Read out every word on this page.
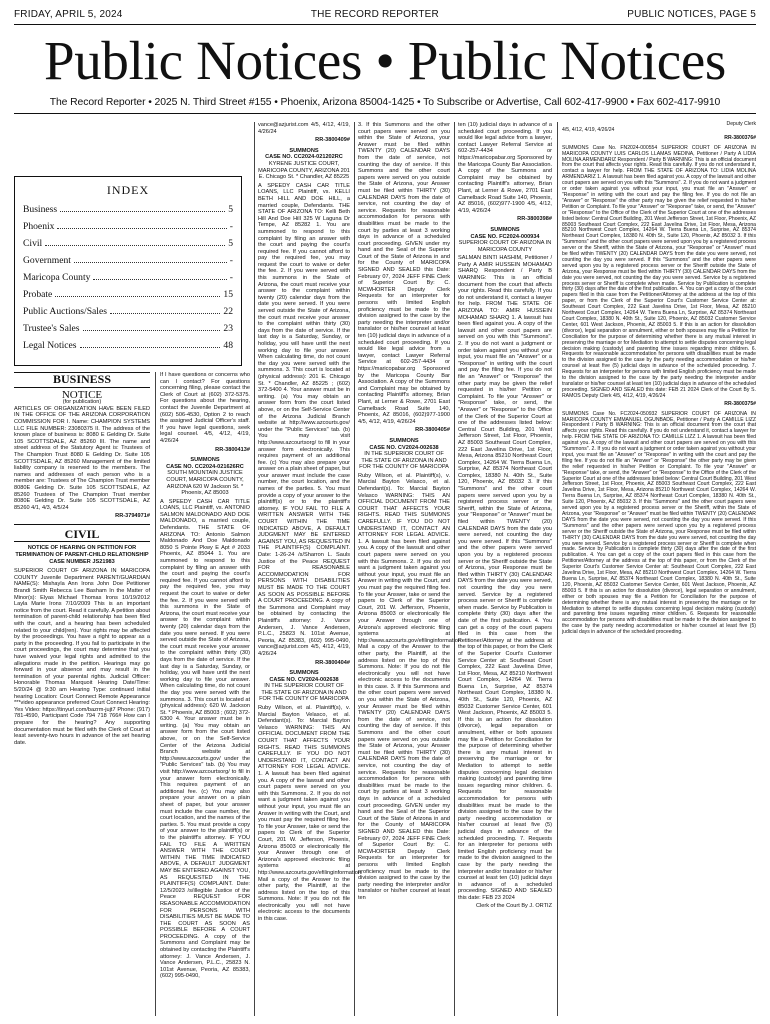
FRIDAY, APRIL 5, 2024	THE RECORD REPORTER	PUBLIC NOTICES, PAGE 5
Public Notices • Public Notices
The Record Reporter • 2025 N. Third Street #155 • Phoenix, Arizona 85004-1425 • To Subscribe or Advertise, Call 602-417-9900 • Fax 602-417-9910
INDEX
Business	5
Phoenix	-
Civil	5
Government	-
Maricopa County	-
Probate	15
Public Auctions/Sales	22
Trustee's Sales	23
Legal Notices	48
BUSINESS
NOTICE
(for publication)

ARTICLES OF ORGANIZATION HAVE BEEN FILED IN THE OFFICE OF THE ARIZONA CORPORATION COMMISSION FOR I. Name: CHAMPION SYSTEMS LLC FILE NUMBER: 23080375 II. The address of the known place of business is: 8080 E Gelding Dr. Suite 105 SCOTTSDALE, AZ 85260 III. The name and street address of the Statutory Agent is: Trustees of The Champion Trust 8080 E Gelding Dr. Suite 105 SCOTTSDALE, AZ 85260 Management of the limited liability company is reserved to the members. The names and addresses of each person who is a member are: Trustees of The Champion Trust member 8080E Gelding Dr. Suite 105 SCOTTSDALE, AZ 85260 Trustees of The Champion Trust member 8080E Gelding Dr. Suite 105 SCOTTSDALE, AZ 85260 4/1, 4/3, 4/5/24

RR-3794971#
CIVIL
NOTICE OF HEARING ON PETITION FOR TERMINATION OF PARENT-CHILD RELATIONSHIP CASE NUMBER JS21983

SUPERIOR COURT OF ARIZONA IN MARICOPA COUNTY Juvenile Department PARENT/GUARDIAN NAME(S): Mishayla Ann Irons John Doe Petitioner Brandi Smith Rebecca Lee Basham In the Matter of Minor(s): Elyas Michael Thomas Irons 10/19/2012 Layla Marie Irons 7/10/2009 This is an important notice from the court. Read it carefully. A petition about termination of parent-child relationship has been filed with the court, and a hearing has been scheduled related to your child(ren). Your rights may be affected by the proceedings. You have a right to appear as a party in the proceeding. If you fail to participate in the court proceedings, the court may determine that you have waived your legal rights and admitted to the allegations made in the petition. Hearings may go forward in your absence and may result in the termination of your parental rights. Judicial Officer: Honorable Thomas Marquoit Hearing Date/Time: 5/20/24 @ 9:30 am Hearing Type: continued initial hearing Location: Court Connect Remote Appearance ***video appearance preferred Court Connect Hearing: Yes Video: https://tinyurl.com/bazrm-jujt7 Phone: (917) 781-4590, Participant Code 794 718 766# How can I prepare for the hearing? Any supporting documentation must be filed with the Clerk of Court at least seventy-two hours in advance of the set hearing date.

If I have questions or concerns who can I contact? For questions concerning filing, please contact the Clerk of Court at (602) 372-5375. For questions about the hearing, contact the Juvenile Department at (602) 506-4530, Option 2 to reach the assigned Judicial Officer's staff. If you have legal questions, seek legal counsel. 4/5, 4/12, 4/19, 4/26/24

RR-3800413#
SUMMONS
CASE NO. CC2024-021626RC
SOUTH MOUNTAIN JUSTICE COURT, MARICOPA COUNTY, ARIZONA 620 W Jackson St. * Phoenix, AZ 85003

A SPEEDY CASH CAR TITLE LOANS, LLC Plaintiff, vs. ANTONIO SALMON MALDONADO AND DOE MALDONADO, a married couple, Defendants. THE STATE OF ARIZONA TO: Antonio Salmon Maldonado And Doe Maldonado 8050 S Pointe Pkwy E Apt # 2033 Phoenix, AZ 85044 1. You are summoned to respond to this complaint by filing an answer with the court and paying the court's required fee. If you cannot afford to pay the required fee, you may request the court to waive or defer the fee. 2. If you were served with this summons in the State of Arizona, the court must receive your answer to the complaint within twenty (20) calendar days from the date you were served. If you were served outside the State of Arizona, the court must receive your answer to the complaint within thirty (30) days from the date of service. If the last day is a Saturday, Sunday, or holiday, you will have until the next working day to file your answer. When calculating time, do not count the day you were served with the summons. 3. This court is located at (physical address): 620 W. Jackson St. * Phoenix, AZ 85003 ; (602) 372-6300 4. Your answer must be in writing. (a) You may obtain an answer form from the court listed above, or on the Self-Service Center of the Arizona Judicial Branch website at http://www.azcourts.gov/ under the "Public Services" tab. (b) You may visit http://www.azcourtsorg/ to fill in your answer form electronically. This requires payment of an additional fee. (c) You may also prepare your answer on a plain sheet of paper, but your answer must include the case number, the court location, and the names of the parties. 5. You must provide a copy of your answer to the plaintiff(s) or to the plaintiff's attorney. IF YOU FAIL TO FILE A WRITTEN ANSWER WITH THE COURT WITHIN THE TIME INDICATED ABOVE, A DEFAULT JUDGMENT MAY BE ENTERED AGAINST YOU, AS REQUESTED IN THE PLAINTIFF(S) COMPLAINT. Date: 12/5/2023 /s/illegible Justice of the Peace REQUEST FOR REASONABLE ACCOMMODATION FOR PERSONS WITH DISABILITIES MUST BE MADE TO THE COURT AS SOON AS POSSIBLE BEFORE A COURT PROCEEDING. A copy of the Summons and Complaint may be obtained by contacting the Plaintiff's attorney: J. Vance Andersen, J. Vance Andersen, P.L.C., 25823 N. 101st Avenue, Peoria, AZ 85383, (602) 995-0490,

vance@azjurist.com 4/5, 4/12, 4/19, 4/26/24

RR-3800409#
SUMMONS
CASE NO. CC2024-021202RC
KYRENE JUSTICE COURT, MARICOPA COUNTY, ARIZONA 201 E. Chicago St. * Chandler, AZ 85225

A SPEEDY CASH CAR TITLE LOANS, LLC Plaintiff, vs. KELLI BETH HILL AND DOE HILL, a married couple, Defendants. THE STATE OF ARIZONA TO: Kelli Beth Hill And Doe Hill 325 W Laguna Dr Tempe, AZ 85282 1. You are summoned to respond to this complaint by filing an answer with the court and paying the court's required fee. If you cannot afford to pay the required fee, you may request the court to waive or defer the fee. 2. If you were served with this summons in the State of Arizona, the court must receive your answer to the complaint within twenty (20) calendar days from the date you were served. If you were served outside the State of Arizona, the court must receive your answer to the complaint within thirty (30) days from the date of service. If the last day is a Saturday, Sunday, or holiday, you will have until the next working day to file your answer. When calculating time, do not count the day you were served with the summons. 3. This court is located at (physical address): 201 E. Chicago St. * Chandler, AZ 85225 ; (602) 372-5400 4. Your answer must be in writing. (a) You may obtain an answer form from the court listed above, or on the Self-Service Center of the Arizona Judicial Branch website at http://www.azcourts.gov/ under the "Public Services" tab. (b) You may visit http://www.azcourtsorg/ to fill in your answer form electronically. This requires payment of an additional fee. (c) You may also prepare your answer on a plain sheet of paper, but your answer must include the case number, the court location, and the names of the parties. 5. You must provide a copy of your answer to the plaintiff(s) or to the plaintiff's attorney. IF YOU FAIL TO FILE A WRITTEN ANSWER WITH THE COURT WITHIN THE TIME INDICATED ABOVE, A DEFAULT JUDGMENT MAY BE ENTERED AGAINST YOU, AS REQUESTED IN THE PLAINTIFF(S) COMPLAINT. Date: 1-26-24 /s/Sharron L. Sauls Justice of the Peace REQUEST FOR REASONABLE ACCOMMODATION FOR PERSONS WITH DISABILITIES MUST BE MADE TO THE COURT AS SOON AS POSSIBLE BEFORE A COURT PROCEEDING. A copy of the Summons and Complaint may be obtained by contacting the Plaintiff's attorney: J. Vance Andersen, J. Vance Andersen, P.L.C., 25823 N. 101st Avenue, Peoria, AZ 85383, (602) 995-0490, vance@azjurist.com 4/5, 4/12, 4/19, 4/26/24

RR-3800404#
SUMMONS
CASE NO. CV2024-002638
IN THE SUPERIOR COURT OF THE STATE OF ARIZONA IN AND FOR THE COUNTY OF MARICOPA

Ruby Wilson, et al. Plaintiff(s), v. Marcial Bayton Velasco, et al. Defendant(s). To: Marcial Bayton Velasco WARNING: THIS AN OFFICIAL DOCUMENT FROM THE COURT THAT AFFECTS YOUR RIGHTS. READ THIS SUMMONS CAREFULLY. IF YOU DO NOT UNDERSTAND IT, CONTACT AN ATTORNEY FOR LEGAL ADVICE. 1. A lawsuit has been filed against you. A copy of the lawsuit and other court papers were served on you with this Summons. 2. If you do not want a judgment taken against you without your input, you must file an Answer in writing with the Court, and you must pay the required filing fee. To file your Answer, take or send the papers to Clerk of the Superior Court, 201 W. Jefferson, Phoenix, Arizona 85003 or electronically file your Answer through one of Arizona's approved electronic filing systems at http://www.azcourts.gov/efilinginformation. Mail a copy of the Answer to the other party, the Plaintiff, at the address listed on the top of this Summons. Note: If you do not file electronically you will not have electronic access to the documents in this case.

3. If this Summons and the other court papers were served on you within the State of Arizona, your Answer must be filed within TWENTY (20) CALENDAR DAYS from the date of service, not counting the day of service. If this Summons and the other court papers were served on you outside the State of Arizona, your Answer must be filed within THIRTY (30) CALENDAR DAYS from the date of service, not counting the day of service. Requests for reasonable accommodation for persons with disabilities must be made to the court by parties at least 3 working days in advance of a scheduled court proceeding. GIVEN under my hand and the Seal of the Superior Court of the State of Arizona in and for the County of MARICOPA SIGNED AND SEALED this Date: February 07, 2024 JEFF FINE Clerk of Superior Court By: C. MCWHORTER Deputy Clerk Requests for an interpreter for persons with limited English proficiency must be made to the division assigned to the case by the party needing the interpreter and/or translator or his/her counsel at least ten (10) judicial days in advance of a scheduled court proceeding. If you would like legal advice from a lawyer, contact Lawyer Referral Service at 602-257-4434 or https://maricopabar.org Sponsored by the Maricopa County Bar Association. A copy of the Summons and Complaint may be obtained by contacting Plaintiff's attorney, Brian Plant, at Lerner & Rowe, 2701 East Camelback Road Suite 140, Phoenix, AZ 85016, (602)977-1900 4/5, 4/12, 4/19, 4/26/24

RR-3800405#
SUMMONS
CASE NO. CV2024-002638
IN THE SUPERIOR COURT OF THE STATE OF ARIZONA IN AND FOR THE COUNTY OF MARICOPA

Ruby Wilson, et al. Plaintiff(s), v. Marcial Bayton Velasco, et al. Defendant(s). To: Marcial Bayton Velasco WARNING: THIS AN OFFICIAL DOCUMENT FROM THE COURT THAT AFFECTS YOUR RIGHTS. READ THIS SUMMONS CAREFULLY. IF YOU DO NOT UNDERSTAND IT, CONTACT AN ATTORNEY FOR LEGAL ADVICE. 1. A lawsuit has been filed against you. A copy of the lawsuit and other court papers were served on you with this Summons. 2. If you do not want a judgment taken against you without your input, you must file an Answer in writing with the Court, and you must pay the required filing fee. To file your Answer, take or send the papers to Clerk of the Superior Court, 201 W. Jefferson, Phoenix, Arizona 85003 or electronically file your Answer through one of Arizona's approved electronic filing systems at http://www.azcourts.gov/efilinginformation. Mail a copy of the Answer to the other party, the Plaintiff, at the address listed on the top of this Summons. Note: If you do not file electronically you will not have electronic access to the documents in this case. 3. If this Summons and the other court papers were served on you within the State of Arizona, your Answer must be filed within TWENTY (20) CALENDAR DAYS from the date of service, not counting the day of service. If this Summons and the other court papers were served on you outside the State of Arizona, your Answer must be filed within THIRTY (30) CALENDAR DAYS from the date of service, not counting the day of service. Requests for reasonable accommodation for persons with disabilities must be made to the court by parties at least 3 working days in advance of a scheduled court proceeding. GIVEN under my hand and the Seal of the Superior Court of the State of Arizona in and for the County of MARICOPA SIGNED AND SEALED this Date: February 07, 2024 JEFF FINE Clerk of Superior Court By: C. MCWHORTER Deputy Clerk Requests for an interpreter for persons with limited English proficiency must be made to the division assigned to the case by the party needing the interpreter and/or translator or his/her counsel at least ten

ten (10) judicial days in advance of a scheduled court proceeding. If you would like legal advice from a lawyer, contact Lawyer Referral Service at 602-257-4434 or https://maricopabar.org Sponsored by the Maricopa County Bar Association. A copy of the Summons and Complaint may be obtained by contacting Plaintiff's attorney, Brian Plant, at Lerner & Rowe, 2701 East Camelback Road Suite 140, Phoenix, AZ 85016, (602)977-1900 4/5, 4/12, 4/19, 4/26/24

RR-3800398#
SUMMONS
CASE NO. FC2024-000934
SUPERIOR COURT OF ARIZONA IN MARICOPA COUNTY

SALMAN BINTI HASHIM, Petitioner / Party A AMIR HUSSEIN MOHAMAD SHARQ Respondent / Party B WARNING: This is an official document from the court that affects your rights. Read this carefully. If you do not understand it, contact a lawyer for help. FROM THE STATE OF ARIZONA TO: AMIR HUSSEIN MOHAMAD SHARQ 1. A lawsuit has been filed against you. A copy of the lawsuit and other court papers are served on you with this "Summons". 2. If you do not want a judgment or order taken against you without your input, you must file an "Answer" or a "Response" in writing with the court and pay the filing fee. If you do not file an "Answer" or "Response" the other party may be given the relief requested in his/her Petition or Complaint. To file your "Answer" or "Response" take, or send, the "Answer" or "Response" to the Office of the Clerk of the Superior Court at one of the addresses listed below: Central Court Building, 201 West Jefferson Street, 1st Floor, Phoenix, AZ 85003 Southeast Court Complex, 222 East Javelina Drive, 1st Floor, Mesa, Arizona 85210 Northeast Court Complex, 14264 W. Tierra Buena Ln, Surprise, AZ 85374 Northeast Court Complex, 18380 N. 40th St., Suite 120, Phoenix, AZ 85032 3. If this "Summons" and the other court papers were served upon you by a registered process server or the Sheriff, within the State of Arizona, your "Response" or "Answer" must be filed within TWENTY (20) CALENDAR DAYS from the date you were served, not counting the day you were served. If this "Summons" and the other papers were served upon you by a registered process server or the Sheriff outside the State of Arizona, your Response must be filed within THIRTY (30) CALENDAR DAYS from the date you were served, not counting the day you were served. Service by a registered process server or Sheriff is complete when made. Service by Publication is complete thirty (30) days after the date of the first publication. 4. You can get a copy of the court papers filed in this case from the Petitioner/Attorney at the address at the top of this paper, or from the Clerk of the Superior Court's Customer Service Center at: Southeast Court Complex, 222 East Javelina Drive, 1st Floor, Mesa, AZ 85210 Northwest Court Complex, 14264 W. Tierra Buena Ln, Surprise, AZ 85374 Northeast Court Complex, 18380 N. 40th St., Suite 120, Phoenix, AZ 85032 Customer Service Center, 601 West Jackson, Phoenix, AZ 85003 5. If this is an action for dissolution (divorce), legal separation or annulment, either or both spouses may file a Petition for Conciliation for the purpose of determining whether there is any mutual interest in preserving the marriage or for Mediation to attempt to settle disputes concerning legal decision making (custody) and parenting time issues regarding minor children. 6. Requests for reasonable accommodation for persons with disabilities must be made to the division assigned to the case by the party needing accommodation or his/her counsel at least five (5) judicial days in advance of the scheduled proceeding. 7. Requests for an interpreter for persons with limited English proficiency must be made to the division assigned to the case by the party needing the interpreter and/or translator or his/her counsel at least ten (10) judicial days in advance of a scheduled proceeding. SIGNED AND SEALED this date: FEB 23 2024

Clerk of the Court By J. ORTIZ
Deputy Clerk

4/5, 4/12, 4/19, 4/26/24

RR-3800376#

SUMMONS Case No. FN2024-000554 SUPERIOR COURT OF ARIZONA IN MARICOPA COUNTY LUIS CARLOS LLAMAS MEDINA, Petitioner / Party A LIDIA MOLINA ARMENDARIZ Respondent / Party B WARNING: This is an official document from the court that affects your rights. Read this carefully. If you do not understand it, contact a lawyer for help. FROM THE STATE OF ARIZONA TO: LIDIA MOLINA ARMENDARIZ 1. A lawsuit has been filed against you. A copy of the lawsuit and other court papers are served on you with this "Summons". 2. If you do not want a judgment or order taken against you without your input, you must file an "Answer" or "Response" in writing with the court and pay the filing fee. If you do not file an "Answer" or "Response" the other party may be given the relief requested in his/her Petition or Complaint. To file your "Answer" or "Response" take, or send, the "Answer" or "Response" to the Office of the Clerk of the Superior Court at one of the addresses listed below: Central Court Building, 201 West Jefferson Street, 1st Floor, Phoenix, AZ 85003 Southeast Court Complex, 222 East Javelina Drive, 1st Floor, Mesa, Arizona 85210 Northwest Court Complex, 14264 W. Tierra Buena Ln, Surprise, AZ 85374 Northeast Court Complex, 18380 N. 40th St., Suite 120, Phoenix, AZ 85032 3. If this "Summons" and the other court papers were served upon you by a registered process server or the Sheriff, within the State of Arizona, your "Response" or "Answer" must be filed within TWENTY (20) CALENDAR DAYS from the date you were served, not counting the day you were served. If this "Summons" and the other papers were served upon you by a registered process server or the Sheriff outside the State of Arizona, your Response must be filed within THIRTY (30) CALENDAR DAYS from the date you were served, not counting the day you were served. Service by a registered process server or Sheriff is complete when made. Service by Publication is complete thirty (30) days after the date of the first publication. 4. You can get a copy of the court papers filed in this case from the Petitioner/Attorney at the address at the top of this paper, or from the Clerk of the Superior Court's Customer Service Center at: Southeast Court Complex, 222 East Javelina Drive, 1st Floor, Mesa, AZ 85210 Northwest Court Complex, 14264 W. Tierra Buena Ln, Surprise, AZ 85374 Northeast Court Complex, 18380 N. 40th St., Suite 120, Phoenix, AZ 85032 Customer Service Center, 601 West Jackson, Phoenix, AZ 85003 5. If this is an action for dissolution (divorce), legal separation or annulment, either or both spouses may file a Petition for Conciliation for the purpose of determining whether there is any mutual interest in preserving the marriage or for Mediation to attempt to settle disputes concerning legal decision making (custody) and parenting time issues regarding minor children. 6. Requests for reasonable accommodation for persons with disabilities must be made to the division assigned to the case by the party needing accommodation or his/her counsel at least five (5) judicial days in advance of the scheduled proceeding. 7. Requests for an interpreter for persons with limited English proficiency must be made to the division assigned to the case by the party needing the interpreter and/or translator or his/her counsel at least ten (10) judicial days in advance of the scheduled proceeding. SIGNED AND SEALED this date: FEB 21 2024 Clerk of the Court By S. RAMOS Deputy Clerk 4/5, 4/12, 4/19, 4/26/24

RR-3800375#

SUMMONS Case No. FC2024-050932 SUPERIOR COURT OF ARIZONA IN MARICOPA COUNTY EMMANUEL OGUNBADE, Petitioner / Party A CAMILLE LIZZ Respondent / Party B WARNING: This is an official document from the court that affects your rights. Read this carefully. If you do not understand it, contact a lawyer for help. FROM THE STATE OF ARIZONA TO: CAMILLE LIZZ 1. A lawsuit has been filed against you. A copy of the lawsuit and other court papers are served on you with this "Summons". 2. If you do not want a judgment or order taken against you without your input, you must file an "Answer" or "Response" in writing with the court and pay the filing fee. If you do not file an "Answer" or "Response" the other party may be given the relief requested in his/her Petition or Complaint. To file your "Answer" or "Response" take, or send, the "Answer" or "Response" to the Office of the Clerk of the Superior Court at one of the addresses listed below: Central Court Building, 201 West Jefferson Street, 1st Floor, Phoenix, AZ 85003 Southeast Court Complex, 222 East Javelina Drive, 1st Floor, Mesa, Arizona 85210 Northwest Court Complex, 14264 W. Tierra Buena Ln, Surprise, AZ 85374 Northeast Court Complex, 18380 N. 40th St., Suite 120, Phoenix, AZ 85032 3. If this "Summons" and the other court papers were served upon you by a registered process server or the Sheriff, within the State of Arizona, your "Response" or "Answer" must be filed within TWENTY (20) CALENDAR DAYS from the date you were served, not counting the day you were served. If this "Summons" and the other papers were served upon you by a registered process server or the Sheriff outside the State of Arizona, your Response must be filed within THIRTY (30) CALENDAR DAYS from the date you were served, not counting the day you were served. Service by a registered process server or Sheriff is complete when made. Service by Publication is complete thirty (30) days after the date of the first publication. 4. You can get a copy of the court papers filed in this case from the Petitioner/Attorney at the address at the top of this paper, or from the Clerk of the Superior Court's Customer Service Center at: Southeast Court Complex, 222 East Javelina Drive, 1st Floor, Mesa, AZ 85210 Northwest Court Complex, 14264 W. Tierra Buena Ln, Surprise, AZ 85374 Northeast Court Complex, 18380 N. 40th St., Suite 120, Phoenix, AZ 85032 Customer Service Center, 601 West Jackson, Phoenix, AZ 85003 5. If this is an action for dissolution (divorce), legal separation or annulment, either or both spouses may file a Petition for Conciliation for the purpose of determining whether there is any mutual interest in preserving the marriage or for Mediation to attempt to settle disputes concerning legal decision making (custody) and parenting time issues regarding minor children. 6. Requests for reasonable accommodation for persons with disabilities must be made to the division assigned to the case by the party needing accommodation or his/her counsel at least five (5) judicial days in advance of the scheduled proceeding.
